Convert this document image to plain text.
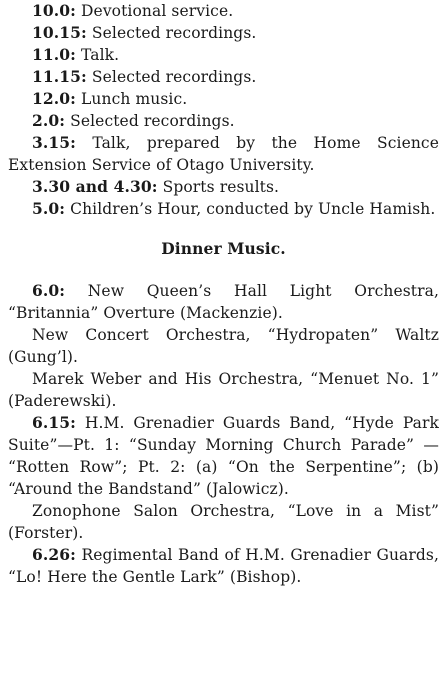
10.0: Devotional service.

10.15: Selected recordings.

11.0: Talk.

11.15: Selected recordings.

12.0: Lunch music.

2.0: Selected recordings.

3.15: Talk, prepared by the Home Science Extension Service of Otago University.

3.30 and 4.30: Sports results.

5.0: Children’s Hour, conducted by Uncle Hamish.

Dinner Music.

6.0: New Queen’s Hall Light Orchestra, “Britannia” Overture (Mackenzie).

New Concert Orchestra, “Hydropaten” Waltz (Gung’l).

Marek Weber and His Orchestra, “Menuet No. 1” (Paderewski).

6.15: H.M. Grenadier Guards Band, “Hyde Park Suite”—Pt. 1: “Sunday Morning Church Parade” — “Rotten Row”; Pt. 2: (a) “On the Serpentine”; (b) “Around the Bandstand” (Jalowicz).

Zonophone Salon Orchestra, “Love in a Mist” (Forster).

6.26: Regimental Band of H.M. Grenadier Guards, “Lo! Here the Gentle Lark” (Bishop).
